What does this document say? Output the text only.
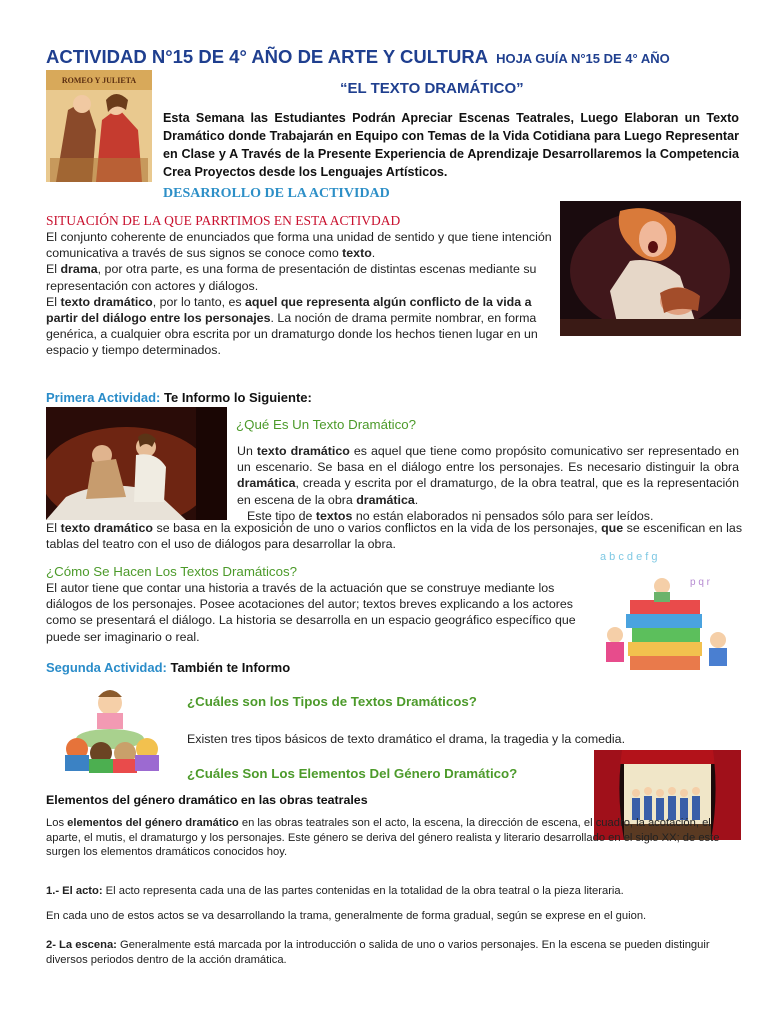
ACTIVIDAD N°15 DE 4° AÑO DE ARTE Y CULTURA HOJA GUÍA N°15 DE 4° AÑO
ROMEO Y JULIETA	“EL TEXTO DRAMÁTICO”
Esta Semana las Estudiantes Podrán Apreciar Escenas Teatrales, Luego Elaboran un Texto Dramático donde Trabajarán en Equipo con Temas de la Vida Cotidiana para Luego Representar en Clase y A Través de la Presente Experiencia de Aprendizaje Desarrollaremos la Competencia Crea Proyectos desde los Lenguajes Artísticos.
DESARROLLO DE LA ACTIVIDAD
SITUACIÓN DE LA QUE PARRTIMOS EN ESTA ACTIVDAD
El conjunto coherente de enunciados que forma una unidad de sentido y que tiene intención comunicativa a través de sus signos se conoce como texto.
El drama, por otra parte, es una forma de presentación de distintas escenas mediante su representación con actores y diálogos.
El texto dramático, por lo tanto, es aquel que representa algún conflicto de la vida a partir del diálogo entre los personajes. La noción de drama permite nombrar, en forma genérica, a cualquier obra escrita por un dramaturgo donde los hechos tienen lugar en un espacio y tiempo determinados.
Primera Actividad: Te Informo lo Siguiente:
¿Qué Es Un Texto Dramático?
Un texto dramático es aquel que tiene como propósito comunicativo ser representado en un escenario. Se basa en el diálogo entre los personajes. Es necesario distinguir la obra dramática, creada y escrita por el dramaturgo, de la obra teatral, que es la representación en escena de la obra dramática.
Este tipo de textos no están elaborados ni pensados sólo para ser leídos.
El texto dramático se basa en la exposición de uno o varios conflictos en la vida de los personajes, que se escenifican en las tablas del teatro con el uso de diálogos para desarrollar la obra.
¿Cómo Se Hacen Los Textos Dramáticos?
El autor tiene que contar una historia a través de la actuación que se construye mediante los diálogos de los personajes. Posee acotaciones del autor; textos breves explicando a los actores como se presentará el diálogo. La historia se desarrolla en un espacio geográfico específico que puede ser imaginario o real.
a b c d e f g
p q r
Segunda Actividad: También te Informo
¿Cuáles son los Tipos de Textos Dramáticos?
Existen tres tipos básicos de texto dramático el drama, la tragedia y la comedia.
¿Cuáles Son Los Elementos Del Género Dramático?
Elementos del género dramático en las obras teatrales
Los elementos del género dramático en las obras teatrales son el acto, la escena, la dirección de escena, el cuadro, la acotación, el aparte, el mutis, el dramaturgo y los personajes. Este género se deriva del género realista y literario desarrollado en el siglo XX; de este surgen los elementos dramáticos conocidos hoy.
1.- El acto: El acto representa cada una de las partes contenidas en la totalidad de la obra teatral o la pieza literaria.
En cada uno de estos actos se va desarrollando la trama, generalmente de forma gradual, según se exprese en el guion.
2- La escena: Generalmente está marcada por la introducción o salida de uno o varios personajes. En la escena se pueden distinguir diversos periodos dentro de la acción dramática.
